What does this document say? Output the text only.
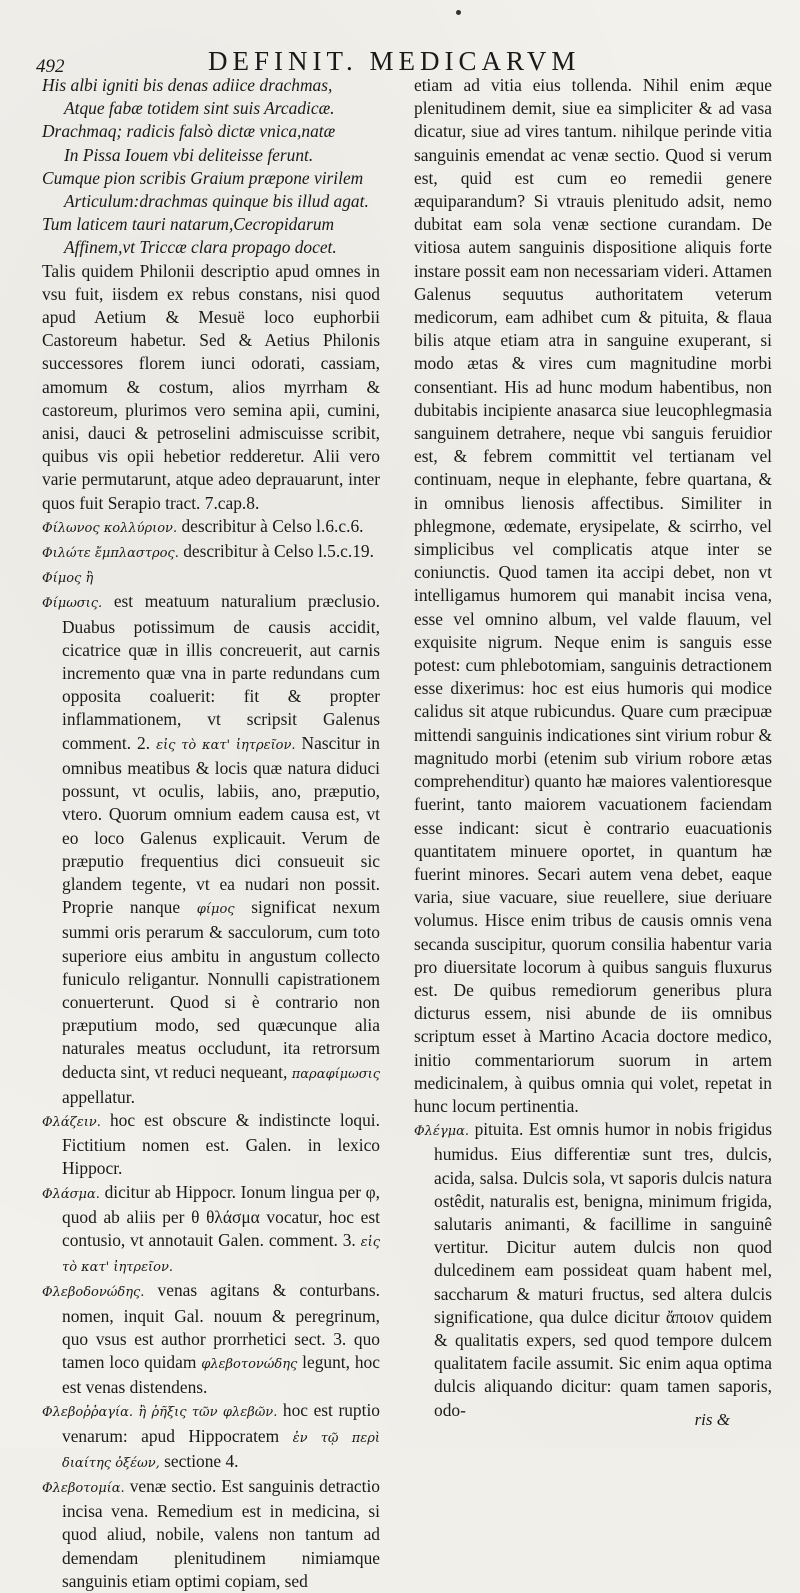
492	DEFINIT. MEDICARVM

His albi igniti bis denas adiice drachmas,

Atque fabæ totidem sint suis Arcadicæ.

Drachmaq; radicis falsò dictæ vnica,natæ

In Pissa Iouem vbi deliteisse ferunt.

Cumque pion scribis Graium præpone virilem

Articulum:drachmas quinque bis illud agat.

Tum laticem tauri natarum,Cecropidarum

Affinem,vt Triccæ clara propago docet.

Talis quidem Philonii descriptio apud omnes in vsu fuit, iisdem ex rebus constans, nisi quod apud Aetium & Mesuë loco euphorbii Castoreum habetur. Sed & Aetius Philonis successores florem iunci odorati, cassiam, amomum & costum, alios myrrham & castoreum, plurimos vero semina apii, cumini, anisi, dauci & petroselini admiscuisse scribit, quibus vis opii hebetior redderetur. Alii vero varie permutarunt, atque adeo deprauarunt, inter quos fuit Serapio tract. 7.cap.8.

Φίλωνος κολλύριον. describitur à Celso l.6.c.6.

Φιλώτε ἔμπλαστρος. describitur à Celso l.5.c.19.

Φίμος ἢ

Φίμωσις. est meatuum naturalium præclusio. Duabus potissimum de causis accidit, cicatrice quæ in illis concreuerit, aut carnis incremento quæ vna in parte redundans cum opposita coaluerit: fit & propter inflammationem, vt scripsit Galenus comment. 2. εἰς τὸ κατ' ἰητρεῖον. Nascitur in omnibus meatibus & locis quæ natura diduci possunt, vt oculis, labiis, ano, præputio, vtero. Quorum omnium eadem causa est, vt eo loco Galenus explicauit. Verum de præputio frequentius dici consueuit sic glandem tegente, vt ea nudari non possit. Proprie nanque φίμος significat nexum summi oris perarum & sacculorum, cum toto superiore eius ambitu in angustum collecto funiculo religantur. Nonnulli capistrationem conuerterunt. Quod si è contrario non præputium modo, sed quæcunque alia naturales meatus occludunt, ita retrorsum deducta sint, vt reduci nequeant, παραφίμωσις appellatur.

Φλάζειν. hoc est obscure & indistincte loqui. Fictitium nomen est. Galen. in lexico Hippocr.

Φλάσμα. dicitur ab Hippocr. Ionum lingua per φ, quod ab aliis per θ θλάσμα vocatur, hoc est contusio, vt annotauit Galen. comment. 3. εἰς τὸ κατ' ἰητρεῖον.

Φλεβοδονώδης. venas agitans & conturbans. nomen, inquit Gal. nouum & peregrinum, quo vsus est author prorrhetici sect. 3. quo tamen loco quidam φλεβοτονώδης legunt, hoc est venas distendens.

Φλεβοῤῥαγία. ἢ ῥῆξις τῶν φλεβῶν. hoc est ruptio venarum: apud Hippocratem ἐν τῷ περὶ διαίτης ὀξέων, sectione 4.

Φλεβοτομία. venæ sectio. Est sanguinis detractio incisa vena. Remedium est in medicina, si quod aliud, nobile, valens non tantum ad demendam plenitudinem nimiamque sanguinis etiam optimi copiam, sed

etiam ad vitia eius tollenda. Nihil enim æque plenitudinem demit, siue ea simpliciter & ad vasa dicatur, siue ad vires tantum. nihilque perinde vitia sanguinis emendat ac venæ sectio. Quod si verum est, quid est cum eo remedii genere æquiparandum? Si vtrauis plenitudo adsit, nemo dubitat eam sola venæ sectione curandam. De vitiosa autem sanguinis dispositione aliquis forte instare possit eam non necessariam videri. Attamen Galenus sequutus authoritatem veterum medicorum, eam adhibet cum & pituita, & flaua bilis atque etiam atra in sanguine exuperant, si modo ætas & vires cum magnitudine morbi consentiant. His ad hunc modum habentibus, non dubitabis incipiente anasarca siue leucophlegmasia sanguinem detrahere, neque vbi sanguis feruidior est, & febrem committit vel tertianam vel continuam, neque in elephante, febre quartana, & in omnibus lienosis affectibus. Similiter in phlegmone, œdemate, erysipelate, & scirrho, vel simplicibus vel complicatis atque inter se coniunctis. Quod tamen ita accipi debet, non vt intelligamus humorem qui manabit incisa vena, esse vel omnino album, vel valde flauum, vel exquisite nigrum. Neque enim is sanguis esse potest: cum phlebotomiam, sanguinis detractionem esse dixerimus: hoc est eius humoris qui modice calidus sit atque rubicundus. Quare cum præcipuæ mittendi sanguinis indicationes sint virium robur & magnitudo morbi (etenim sub virium robore ætas comprehenditur) quanto hæ maiores valentioresque fuerint, tanto maiorem vacuationem faciendam esse indicant: sicut è contrario euacuationis quantitatem minuere oportet, in quantum hæ fuerint minores. Secari autem vena debet, eaque varia, siue vacuare, siue reuellere, siue deriuare volumus. Hisce enim tribus de causis omnis vena secanda suscipitur, quorum consilia habentur varia pro diuersitate locorum à quibus sanguis fluxurus est. De quibus remediorum generibus plura dicturus essem, nisi abunde de iis omnibus scriptum esset à Martino Acacia doctore medico, initio commentariorum suorum in artem medicinalem, à quibus omnia qui volet, repetat in hunc locum pertinentia.

Φλέγμα. pituita. Est omnis humor in nobis frigidus humidus. Eius differentiæ sunt tres, dulcis, acida, salsa. Dulcis sola, vt saporis dulcis natura ostêdit, naturalis est, benigna, minimum frigida, salutaris animanti, & facillime in sanguinê vertitur. Dicitur autem dulcis non quod dulcedinem eam possideat quam habent mel, saccharum & maturi fructus, sed altera dulcis significatione, qua dulce dicitur ἄποιον quidem & qualitatis expers, sed quod tempore dulcem qualitatem facile assumit. Sic enim aqua optima dulcis aliquando dicitur: quam tamen saporis, odo-	ris &
